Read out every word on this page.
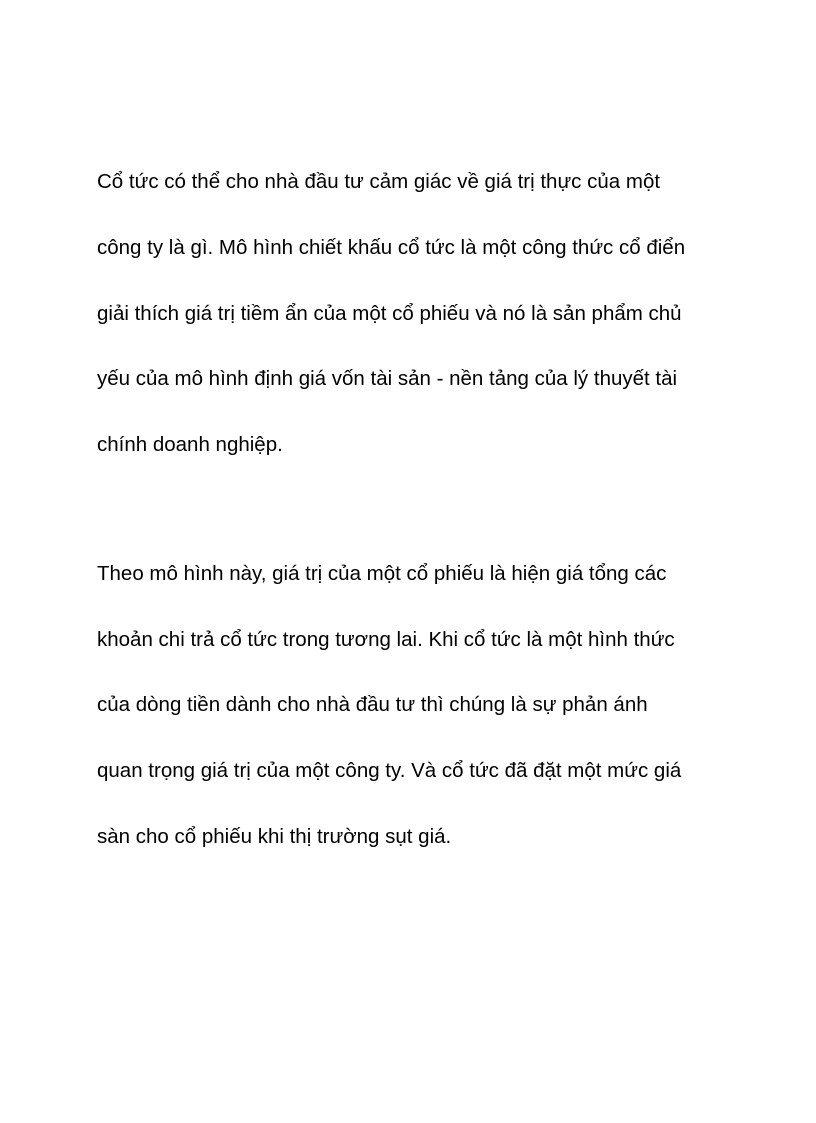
Cổ tức có thể cho nhà đầu tư cảm giác về giá trị thực của một

công ty là gì. Mô hình chiết khấu cổ tức là một công thức cổ điển

giải thích giá trị tiềm ẩn của một cổ phiếu và nó là sản phẩm chủ

yếu của mô hình định giá vốn tài sản - nền tảng của lý thuyết tài

chính doanh nghiệp.

Theo mô hình này, giá trị của một cổ phiếu là hiện giá tổng các

khoản chi trả cổ tức trong tương lai. Khi cổ tức là một hình thức

của dòng tiền dành cho nhà đầu tư thì chúng là sự phản ánh

quan trọng giá trị của một công ty. Và cổ tức đã đặt một mức giá

sàn cho cổ phiếu khi thị trường sụt giá.
